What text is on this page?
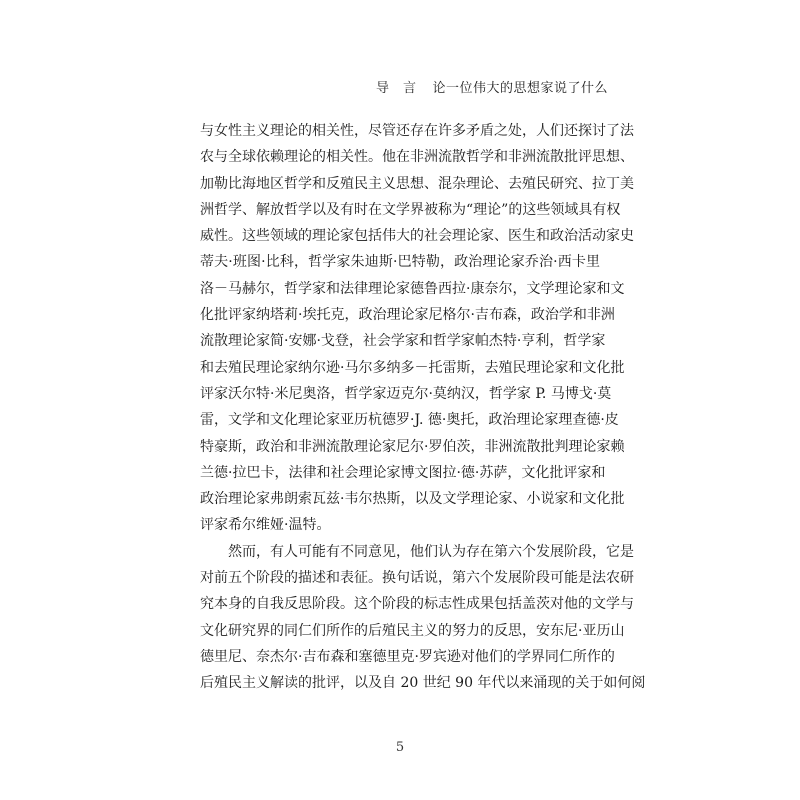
导　言 论一位伟大的思想家说了什么
与女性主义理论的相关性，尽管还存在许多矛盾之处，人们还探讨了法
农与全球依赖理论的相关性。他在非洲流散哲学和非洲流散批评思想、
加勒比海地区哲学和反殖民主义思想、混杂理论、去殖民研究、拉丁美
洲哲学、解放哲学以及有时在文学界被称为“理论”的这些领域具有权
威性。这些领域的理论家包括伟大的社会理论家、医生和政治活动家史
蒂夫·班图·比科，哲学家朱迪斯·巴特勒，政治理论家乔治·西卡里
洛－马赫尔，哲学家和法律理论家德鲁西拉·康奈尔，文学理论家和文
化批评家纳塔莉·埃托克，政治理论家尼格尔·吉布森，政治学和非洲
流散理论家简·安娜·戈登，社会学家和哲学家帕杰特·亨利，哲学家
和去殖民理论家纳尔逊·马尔多纳多－托雷斯，去殖民理论家和文化批
评家沃尔特·米尼奥洛，哲学家迈克尔·莫纳汉，哲学家 P. 马博戈·莫
雷，文学和文化理论家亚历杭德罗·J. 德·奥托，政治理论家理查德·皮
特豪斯，政治和非洲流散理论家尼尔·罗伯茨，非洲流散批判理论家赖
兰德·拉巴卡，法律和社会理论家博文图拉·德·苏萨，文化批评家和
政治理论家弗朗索瓦兹·韦尔热斯，以及文学理论家、小说家和文化批
评家希尔维娅·温特。
然而，有人可能有不同意见，他们认为存在第六个发展阶段，它是
对前五个阶段的描述和表征。换句话说，第六个发展阶段可能是法农研
究本身的自我反思阶段。这个阶段的标志性成果包括盖茨对他的文学与
文化研究界的同仁们所作的后殖民主义的努力的反思，安东尼·亚历山
德里尼、奈杰尔·吉布森和塞德里克·罗宾逊对他们的学界同仁所作的
后殖民主义解读的批评，以及自 20 世纪 90 年代以来涌现的关于如何阅
5
